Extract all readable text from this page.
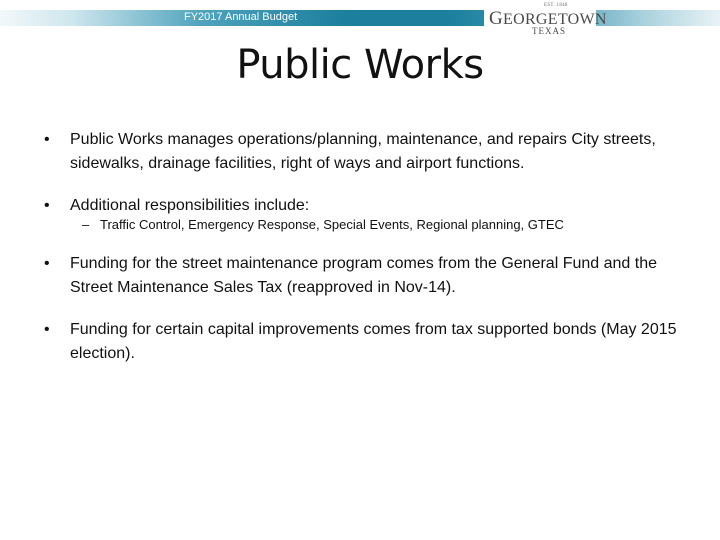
FY2017 Annual Budget
EST. 1848
GEORGETOWN
TEXAS
Public Works
• Public Works manages operations/planning, maintenance, and repairs City streets, sidewalks, drainage facilities, right of ways and airport functions.
• Additional responsibilities include:
– Traffic Control, Emergency Response, Special Events, Regional planning, GTEC
• Funding for the street maintenance program comes from the General Fund and the Street Maintenance Sales Tax (reapproved in Nov-14).
• Funding for certain capital improvements comes from tax supported bonds (May 2015 election).
